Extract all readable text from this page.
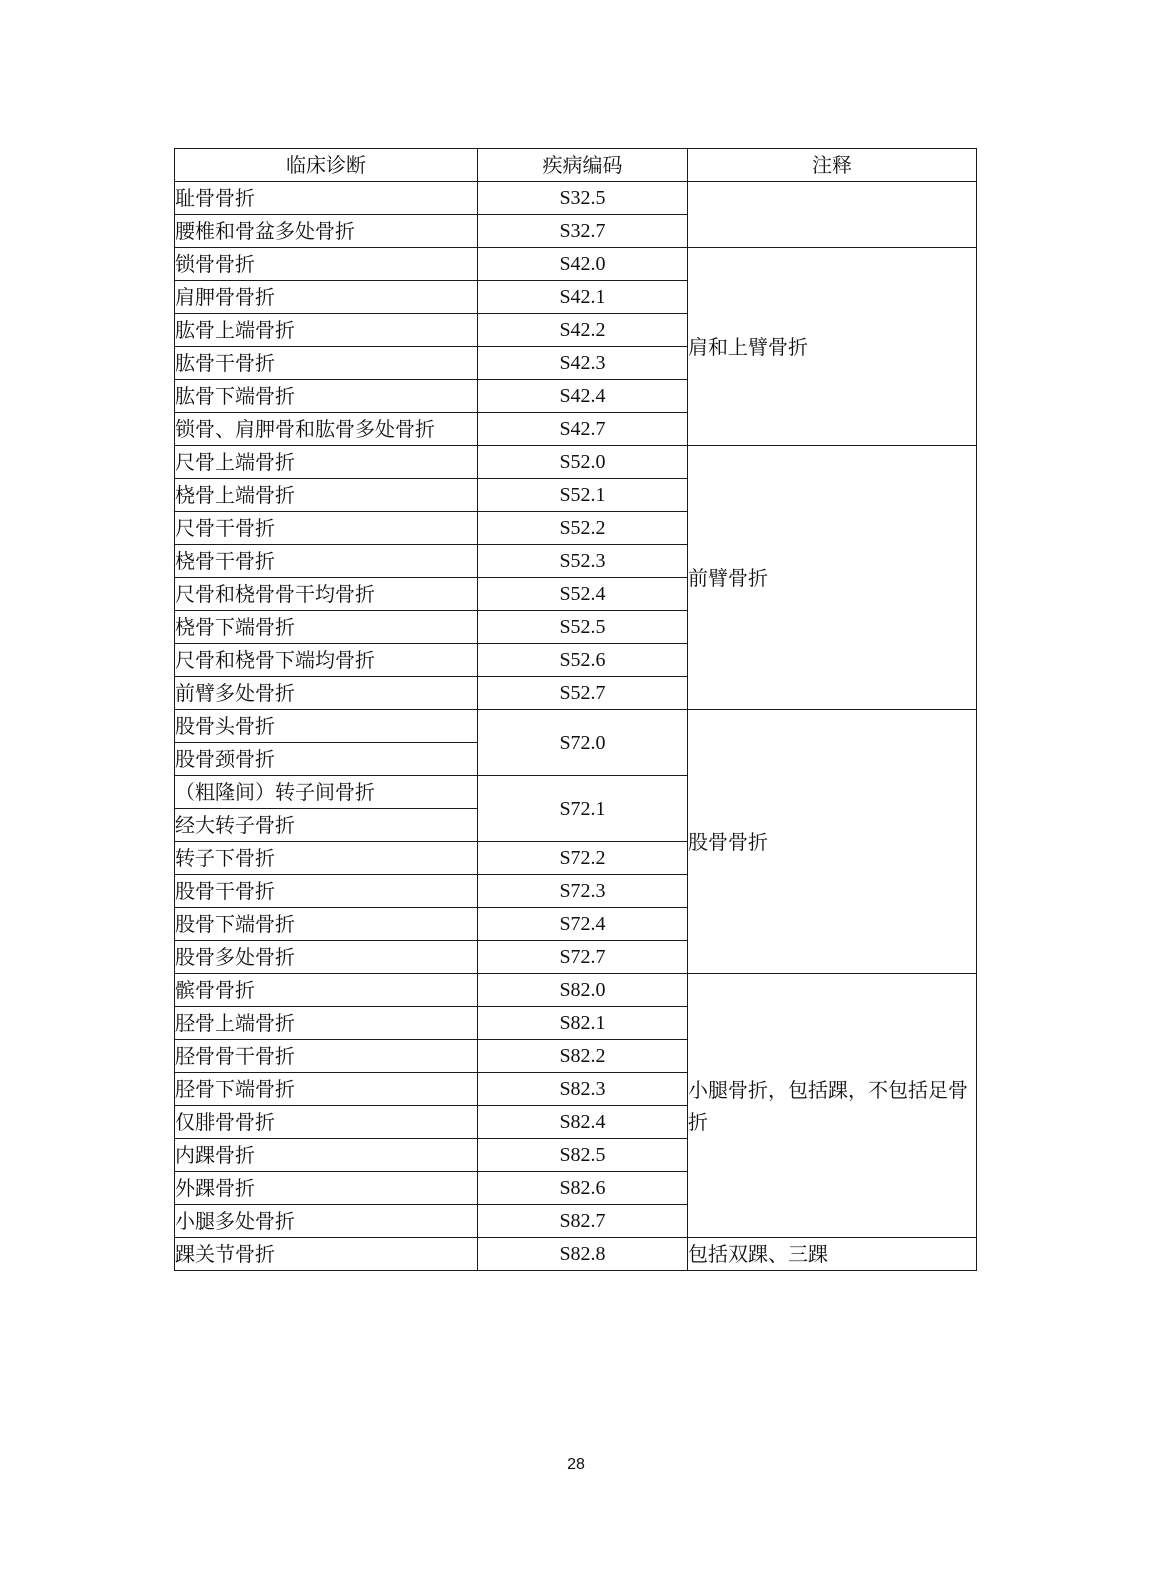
临床诊断	疾病编码	注释
耻骨骨折	S32.5	
腰椎和骨盆多处骨折	S32.7	
锁骨骨折	S42.0	肩和上臂骨折

肩胛骨骨折	S42.1	
肱骨上端骨折	S42.2	
肱骨干骨折	S42.3	
肱骨下端骨折	S42.4	
锁骨、肩胛骨和肱骨多处骨折	S42.7	
尺骨上端骨折	S52.0	前臂骨折

桡骨上端骨折	S52.1	
尺骨干骨折	S52.2	
桡骨干骨折	S52.3	
尺骨和桡骨骨干均骨折	S52.4	
桡骨下端骨折	S52.5	
尺骨和桡骨下端均骨折	S52.6	
前臂多处骨折	S52.7	
股骨头骨折	S72.0	股骨骨折

股骨颈骨折		
（粗隆间）转子间骨折	S72.1	
经大转子骨折		
转子下骨折	S72.2	
股骨干骨折	S72.3	
股骨下端骨折	S72.4	
股骨多处骨折	S72.7	
髌骨骨折	S82.0	小腿骨折，包括踝，不包括足骨折

胫骨上端骨折	S82.1	
胫骨骨干骨折	S82.2	
胫骨下端骨折	S82.3	
仅腓骨骨折	S82.4	
内踝骨折	S82.5	
外踝骨折	S82.6	
小腿多处骨折	S82.7	
踝关节骨折	S82.8	包括双踝、三踝
28
